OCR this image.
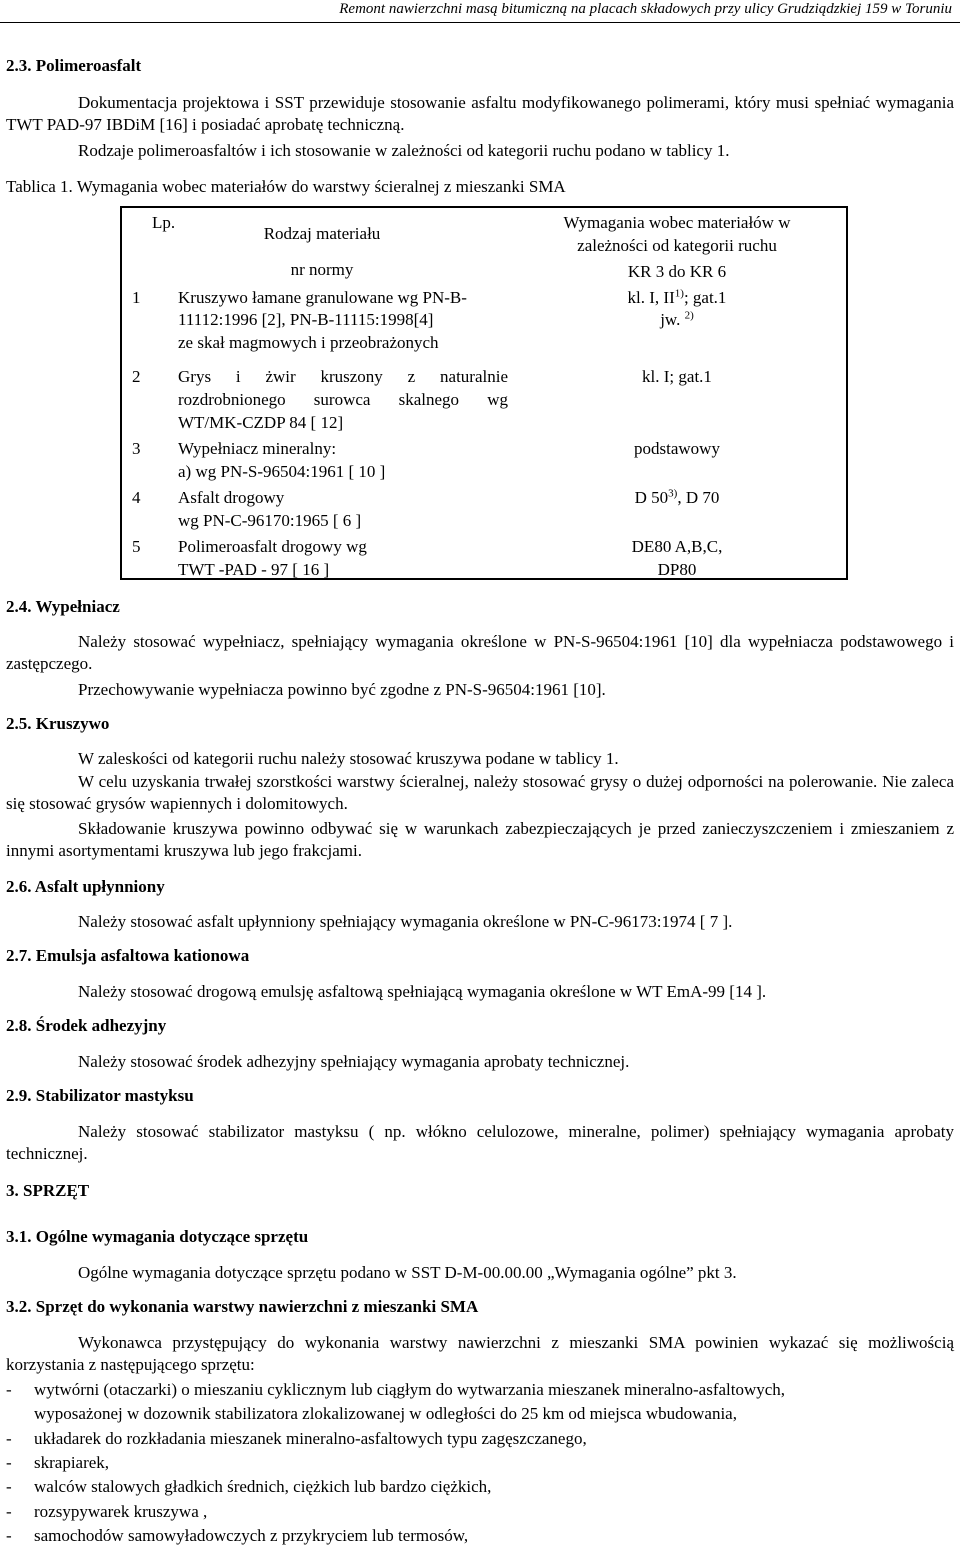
Remont nawierzchni masą bitumiczną na placach składowych przy ulicy Grudziądzkiej 159 w Toruniu
2.3. Polimeroasfalt
Dokumentacja projektowa i SST przewiduje stosowanie asfaltu modyfikowanego polimerami, który musi spełniać wymagania TWT PAD-97 IBDiM [16] i posiadać aprobatę techniczną.
Rodzaje polimeroasfaltów i ich stosowanie w zależności od kategorii ruchu podano w tablicy 1.
Tablica 1. Wymagania wobec materiałów do warstwy ścieralnej z mieszanki SMA
Lp.
Rodzaj materiału
Wymagania wobec materiałów w
zależności od kategorii ruchu
nr normy	KR 3 do KR 6
1 Kruszywo łamane granulowane wg PN-B-
11112:1996 [2], PN-B-11115:1998[4]
ze skał magmowych i przeobrażonych
kl. I, II$^{1)}$; gat.1
jw. $^{2)}$
2 Grys i żwir kruszony z naturalnie
rozdrobnionego surowca skalnego wg
WT/MK-CZDP 84 [ 12]
kl. I; gat.1
3 Wypełniacz mineralny:
a) wg PN-S-96504:1961 [ 10 ]
podstawowy
4 Asfalt drogowy
wg PN-C-96170:1965 [ 6 ]
D 50$^{3)}$, D 70
5 Polimeroasfalt drogowy wg
TWT -PAD - 97 [ 16 ]
DE80 A,B,C,
DP80
2.4. Wypełniacz
Należy stosować wypełniacz, spełniający wymagania określone w PN-S-96504:1961 [10] dla wypełniacza podstawowego i zastępczego.
Przechowywanie wypełniacza powinno być zgodne z PN-S-96504:1961 [10].
2.5. Kruszywo
W zaleskości od kategorii ruchu należy stosować kruszywa podane w tablicy 1.
W celu uzyskania trwałej szorstkości warstwy ścieralnej, należy stosować grysy o dużej odporności na polerowanie. Nie zaleca się stosować grysów wapiennych i dolomitowych.
Składowanie kruszywa powinno odbywać się w warunkach zabezpieczających je przed zanieczyszczeniem i zmieszaniem z innymi asortymentami kruszywa lub jego frakcjami.
2.6. Asfalt upłynniony
Należy stosować asfalt upłynniony spełniający wymagania określone w PN-C-96173:1974 [ 7 ].
2.7. Emulsja asfaltowa kationowa
Należy stosować drogową emulsję asfaltową spełniającą wymagania określone w WT EmA-99 [14 ].
2.8. Środek adhezyjny
Należy stosować środek adhezyjny spełniający wymagania aprobaty technicznej.
2.9. Stabilizator mastyksu
Należy stosować stabilizator mastyksu ( np. włókno celulozowe, mineralne, polimer) spełniający wymagania aprobaty technicznej.
3. SPRZĘT
3.1. Ogólne wymagania dotyczące sprzętu
Ogólne wymagania dotyczące sprzętu podano w SST D-M-00.00.00 „Wymagania ogólne” pkt 3.
3.2. Sprzęt do wykonania warstwy nawierzchni z mieszanki SMA
Wykonawca przystępujący do wykonania warstwy nawierzchni z mieszanki SMA powinien wykazać się możliwością korzystania z następującego sprzętu:
- wytwórni (otaczarki) o mieszaniu cyklicznym lub ciągłym do wytwarzania mieszanek mineralno-asfaltowych,
wyposażonej w dozownik stabilizatora zlokalizowanej w odległości do 25 km od miejsca wbudowania,
- układarek do rozkładania mieszanek mineralno-asfaltowych typu zagęszczanego,
- skrapiarek,
- walców stalowych gładkich średnich, ciężkich lub bardzo ciężkich,
- rozsypywarek kruszywa ,
- samochodów samowyładowczych z przykryciem lub termosów,
